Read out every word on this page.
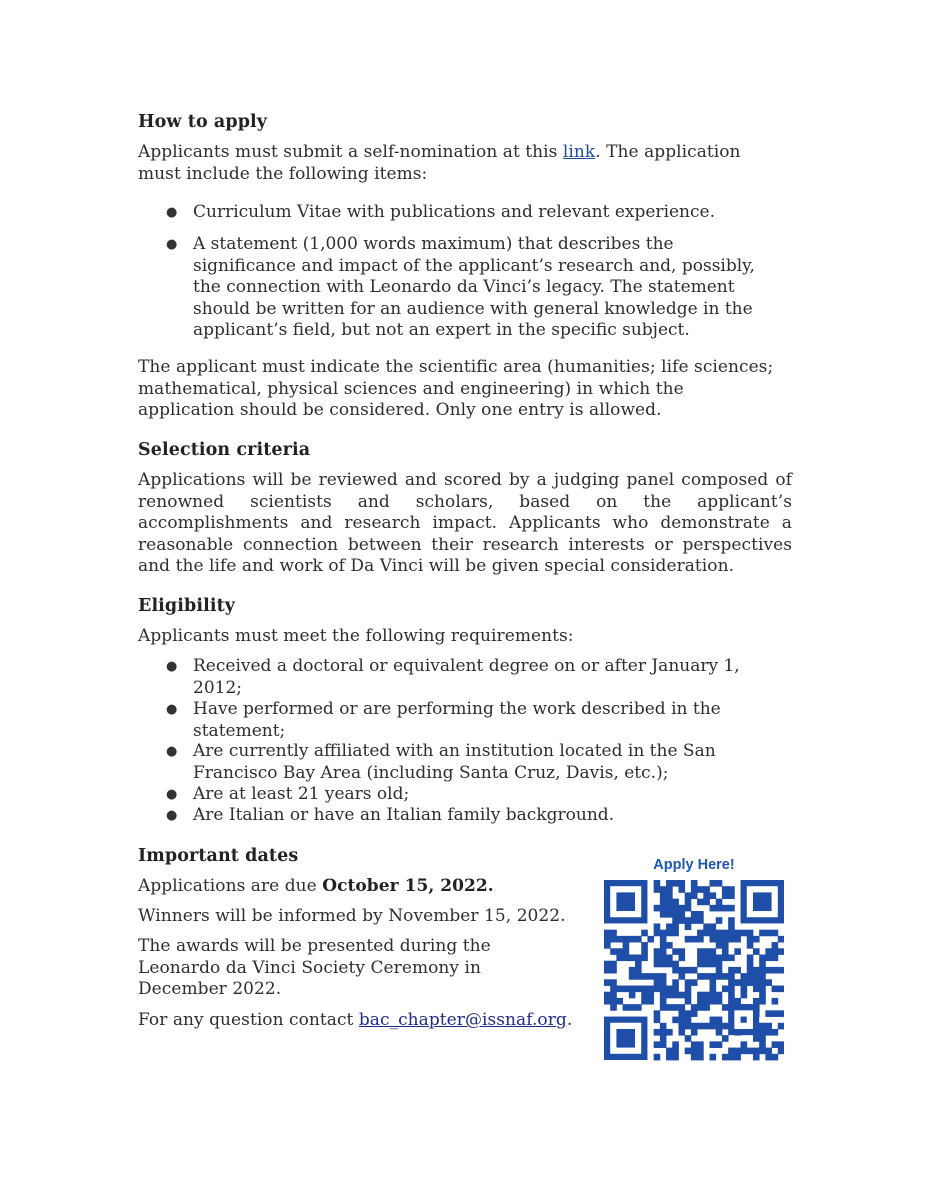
How to apply
Applicants must submit a self-nomination at this link. The application
must include the following items:
● Curriculum Vitae with publications and relevant experience.
● A statement (1,000 words maximum) that describes the
significance and impact of the applicant’s research and, possibly,
the connection with Leonardo da Vinci’s legacy. The statement
should be written for an audience with general knowledge in the
applicant’s field, but not an expert in the specific subject.
The applicant must indicate the scientific area (humanities; life sciences;
mathematical, physical sciences and engineering) in which the
application should be considered. Only one entry is allowed.
Selection criteria
Applications will be reviewed and scored by a judging panel composed of renowned scientists and scholars, based on the applicant’s accomplishments and research impact. Applicants who demonstrate a reasonable connection between their research interests or perspectives and the life and work of Da Vinci will be given special consideration.
Eligibility
Applicants must meet the following requirements:
● Received a doctoral or equivalent degree on or after January 1,
2012;
● Have performed or are performing the work described in the
statement;
● Are currently affiliated with an institution located in the San
Francisco Bay Area (including Santa Cruz, Davis, etc.);
● Are at least 21 years old;
● Are Italian or have an Italian family background.
Important dates
Applications are due October 15, 2022.
Winners will be informed by November 15, 2022.
The awards will be presented during the
Leonardo da Vinci Society Ceremony in
December 2022.
For any question contact bac_chapter@issnaf.org.
Apply Here!
